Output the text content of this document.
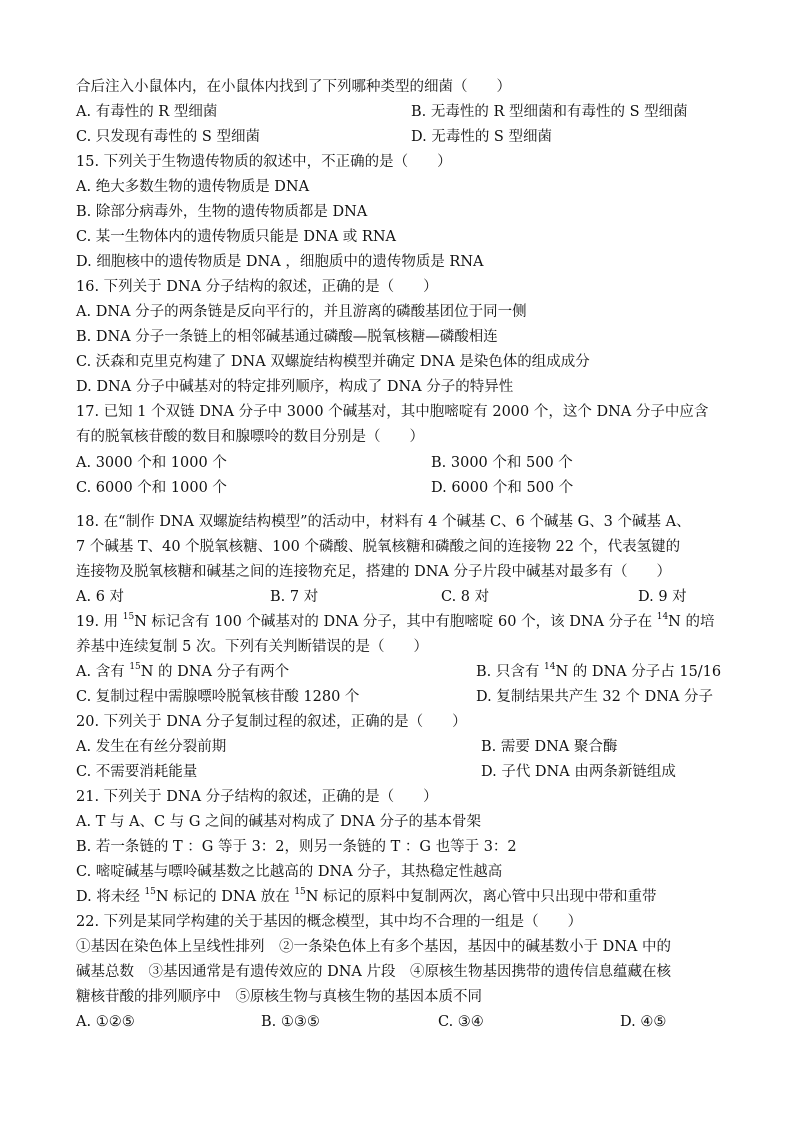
合后注入小鼠体内，在小鼠体内找到了下列哪种类型的细菌（　　）
A. 有毒性的 R 型细菌	B. 无毒性的 R 型细菌和有毒性的 S 型细菌
C. 只发现有毒性的 S 型细菌	D. 无毒性的 S 型细菌
15. 下列关于生物遗传物质的叙述中，不正确的是（　　）
A. 绝大多数生物的遗传物质是 DNA
B. 除部分病毒外，生物的遗传物质都是 DNA
C. 某一生物体内的遗传物质只能是 DNA 或 RNA
D. 细胞核中的遗传物质是 DNA ，细胞质中的遗传物质是 RNA
16. 下列关于 DNA 分子结构的叙述，正确的是（　　）
A. DNA 分子的两条链是反向平行的，并且游离的磷酸基团位于同一侧
B. DNA 分子一条链上的相邻碱基通过磷酸—脱氧核糖—磷酸相连
C. 沃森和克里克构建了 DNA 双螺旋结构模型并确定 DNA 是染色体的组成成分
D. DNA 分子中碱基对的特定排列顺序，构成了 DNA 分子的特异性
17. 已知 1 个双链 DNA 分子中 3000 个碱基对，其中胞嘧啶有 2000 个，这个 DNA 分子中应含
有的脱氧核苷酸的数目和腺嘌呤的数目分别是（　　）
A. 3000 个和 1000 个	B. 3000 个和 500 个
C. 6000 个和 1000 个	D. 6000 个和 500 个
18. 在“制作 DNA 双螺旋结构模型”的活动中，材料有 4 个碱基 C、6 个碱基 G、3 个碱基 A、
7 个碱基 T、40 个脱氧核糖、100 个磷酸、脱氧核糖和磷酸之间的连接物 22 个，代表氢键的
连接物及脱氧核糖和碱基之间的连接物充足，搭建的 DNA 分子片段中碱基对最多有（　　）
A. 6 对	B. 7 对	C. 8 对	D. 9 对
19. 用 $^{15}$N 标记含有 100 个碱基对的 DNA 分子，其中有胞嘧啶 60 个，该 DNA 分子在 $^{14}$N 的培
养基中连续复制 5 次。下列有关判断错误的是（　　）
A. 含有 $^{15}$N 的 DNA 分子有两个	B. 只含有 $^{14}$N 的 DNA 分子占 15/16
C. 复制过程中需腺嘌呤脱氧核苷酸 1280 个	D. 复制结果共产生 32 个 DNA 分子
20. 下列关于 DNA 分子复制过程的叙述，正确的是（　　）
A. 发生在有丝分裂前期	B. 需要 DNA 聚合酶
C. 不需要消耗能量	D. 子代 DNA 由两条新链组成
21. 下列关于 DNA 分子结构的叙述，正确的是（　　）
A. T 与 A、C 与 G 之间的碱基对构成了 DNA 分子的基本骨架
B. 若一条链的 T ：G 等于 3：2，则另一条链的 T ：G 也等于 3：2
C. 嘧啶碱基与嘌呤碱基数之比越高的 DNA 分子，其热稳定性越高
D. 将未经 $^{15}$N 标记的 DNA 放在 $^{15}$N 标记的原料中复制两次，离心管中只出现中带和重带
22. 下列是某同学构建的关于基因的概念模型，其中均不合理的一组是（　　）
①基因在染色体上呈线性排列　②一条染色体上有多个基因，基因中的碱基数小于 DNA 中的
碱基总数　③基因通常是有遗传效应的 DNA 片段　④原核生物基因携带的遗传信息蕴藏在核
糖核苷酸的排列顺序中　⑤原核生物与真核生物的基因本质不同
A. ①②⑤	B. ①③⑤	C. ③④	D. ④⑤
